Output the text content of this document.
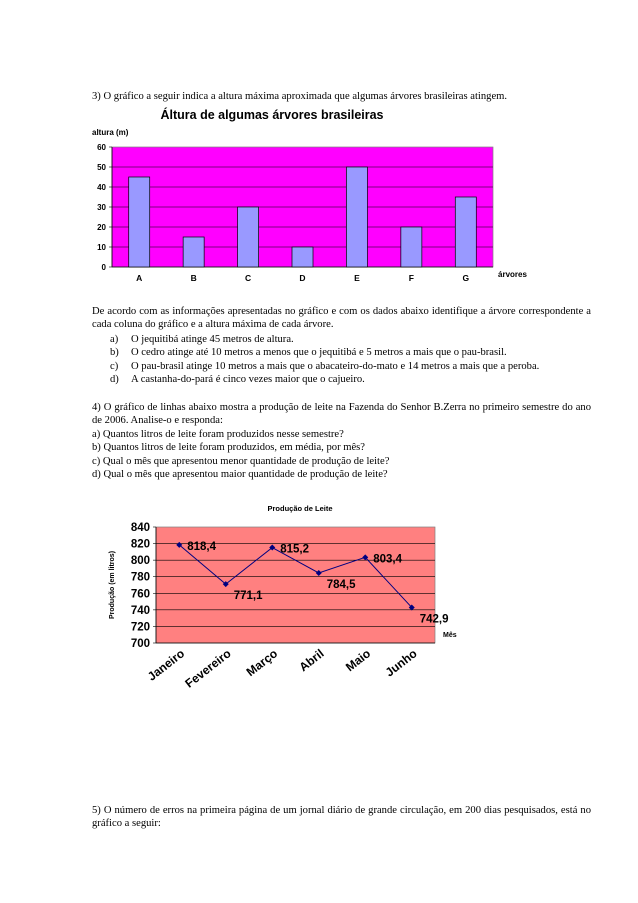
3) O gráfico a seguir indica a altura máxima aproximada que algumas árvores brasileiras atingem.
Áltura de algumas árvores brasileiras
altura (m)
0
10
20
30
40
50
60
A	B	C	D	E	F	G	árvores
De acordo com as informações apresentadas no gráfico e com os dados abaixo identifique a árvore correspondente a cada coluna do gráfico e a altura máxima de cada árvore.
a) O jequitibá atinge 45 metros de altura.
b) O cedro atinge até 10 metros a menos que o jequitibá e 5 metros a mais que o pau-brasil.
c) O pau-brasil atinge 10 metros a mais que o abacateiro-do-mato e 14 metros a mais que a peroba.
d) A castanha-do-pará é cinco vezes maior que o cajueiro.
4) O gráfico de linhas abaixo mostra a produção de leite na Fazenda do Senhor B.Zerra no primeiro semestre do ano de 2006. Analise-o e responda:
a) Quantos litros de leite foram produzidos nesse semestre?
b) Quantos litros de leite foram produzidos, em média, por mês?
c) Qual o mês que apresentou menor quantidade de produção de leite?
d) Qual o mês que apresentou maior quantidade de produção de leite?
Produção de Leite
700
720
740
760
780
800
820
840
Produção (em litros)
818,4
Janeiro
771,1
Fevereiro
815,2
Março
784,5
Abril
803,4
Maio
742,9
Junho
Mês
5) O número de erros na primeira página de um jornal diário de grande circulação, em 200 dias pesquisados, está no gráfico a seguir:
